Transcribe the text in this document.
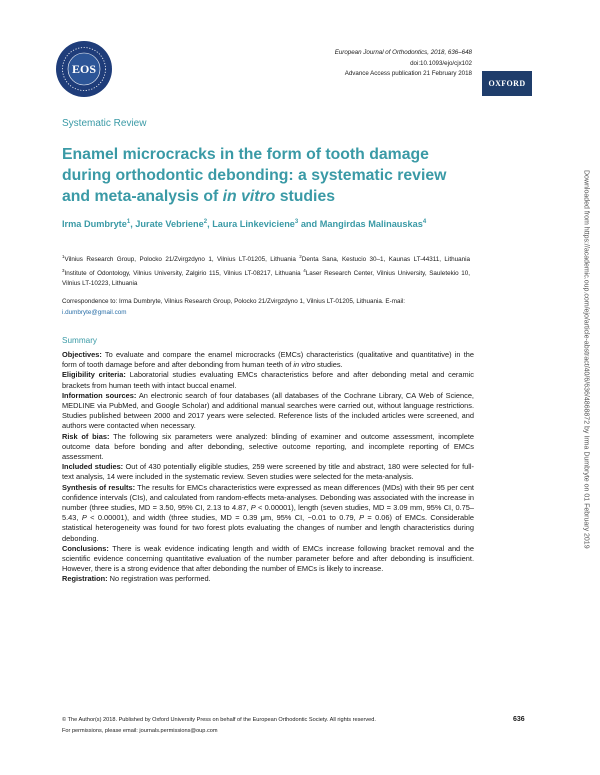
EOS
European Journal of Orthodontics, 2018, 636–648
doi:10.1093/ejo/cjx102
Advance Access publication 21 February 2018
OXFORD
Systematic Review
Enamel microcracks in the form of tooth damage during orthodontic debonding: a systematic review and meta-analysis of in vitro studies
Irma Dumbryte$^1$, Jurate Vebriene$^2$, Laura Linkeviciene$^3$ and Mangirdas Malinauskas$^4$
$^1$Vilnius Research Group, Polocko 21/Zvirgzdyno 1, Vilnius LT-01205, Lithuania $^2$Denta Sana, Kestucio 30–1, Kaunas LT-44311, Lithuania $^3$Institute of Odontology, Vilnius University, Zalgirio 115, Vilnius LT-08217, Lithuania $^4$Laser Research Center, Vilnius University, Sauletekio 10, Vilnius LT-10223, Lithuania
Correspondence to: Irma Dumbryte, Vilnius Research Group, Polocko 21/Zvirgzdyno 1, Vilnius LT-01205, Lithuania. E-mail: i.dumbryte@gmail.com
Summary

Objectives: To evaluate and compare the enamel microcracks (EMCs) characteristics (qualitative and quantitative) in the form of tooth damage before and after debonding from human teeth of in vitro studies.

Eligibility criteria: Laboratorial studies evaluating EMCs characteristics before and after debonding metal and ceramic brackets from human teeth with intact buccal enamel.

Information sources: An electronic search of four databases (all databases of the Cochrane Library, CA Web of Science, MEDLINE via PubMed, and Google Scholar) and additional manual searches were carried out, without language restrictions. Studies published between 2000 and 2017 years were selected. Reference lists of the included articles were screened, and authors were contacted when necessary.

Risk of bias: The following six parameters were analyzed: blinding of examiner and outcome assessment, incomplete outcome data before bonding and after debonding, selective outcome reporting, and incomplete reporting of EMCs assessment.

Included studies: Out of 430 potentially eligible studies, 259 were screened by title and abstract, 180 were selected for full-text analysis, 14 were included in the systematic review. Seven studies were selected for the meta-analysis.

Synthesis of results: The results for EMCs characteristics were expressed as mean differences (MDs) with their 95 per cent confidence intervals (CIs), and calculated from random-effects meta-analyses. Debonding was associated with the increase in number (three studies, MD = 3.50, 95% CI, 2.13 to 4.87, P < 0.00001), length (seven studies, MD = 3.09 mm, 95% CI, 0.75–5.43, P < 0.00001), and width (three studies, MD = 0.39 μm, 95% CI, −0.01 to 0.79, P = 0.06) of EMCs. Considerable statistical heterogeneity was found for two forest plots evaluating the changes of number and length characteristics during debonding.

Conclusions: There is weak evidence indicating length and width of EMCs increase following bracket removal and the scientific evidence concerning quantitative evaluation of the number parameter before and after debonding is insufficient. However, there is a strong evidence that after debonding the number of EMCs is likely to increase.

Registration: No registration was performed.

© The Author(s) 2018. Published by Oxford University Press on behalf of the European Orthodontic Society. All rights reserved.
For permissions, please email: journals.permissions@oup.com
636
Downloaded from https://academic.oup.com/ejo/article-abstract/40/6/636/4868872 by Irma Dumbryte on 01 February 2019
